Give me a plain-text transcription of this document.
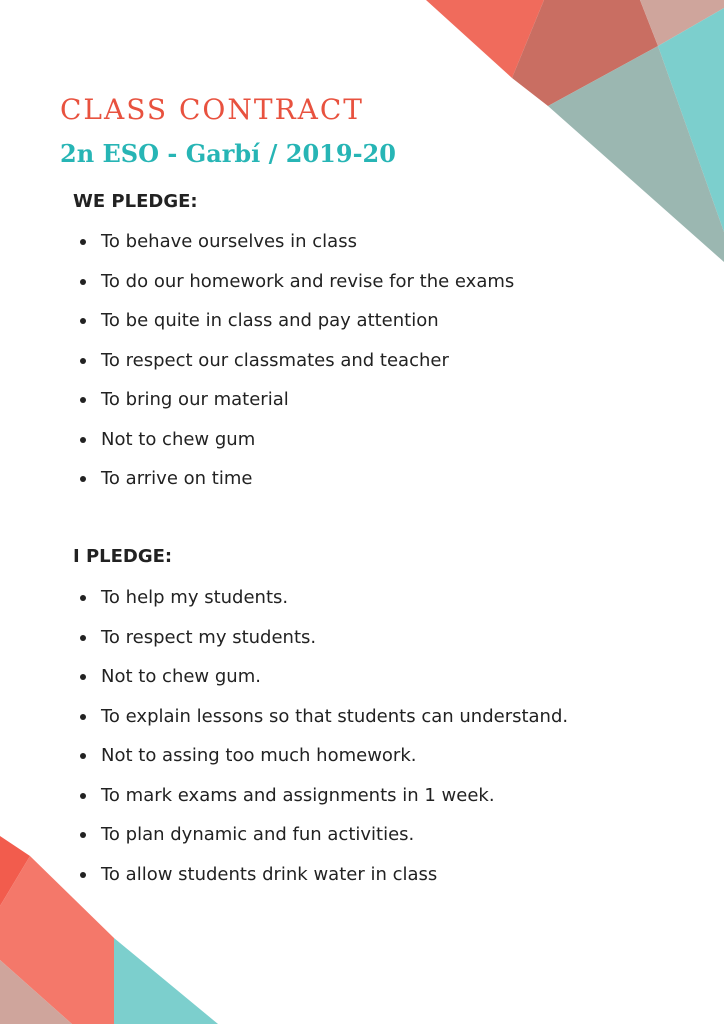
CLASS CONTRACT
2n ESO - Garbí / 2019-20
WE PLEDGE:
To behave ourselves in class
To do our homework and revise for the exams
To be quite in class and pay attention
To respect our classmates and teacher
To bring our material
Not to chew gum
To arrive on time
I PLEDGE:
To help my students.
To respect my students.
Not to chew gum.
To explain lessons so that students can understand.
Not to assing too much homework.
To mark exams and assignments in 1 week.
To plan dynamic and fun activities.
To allow students drink water in class
